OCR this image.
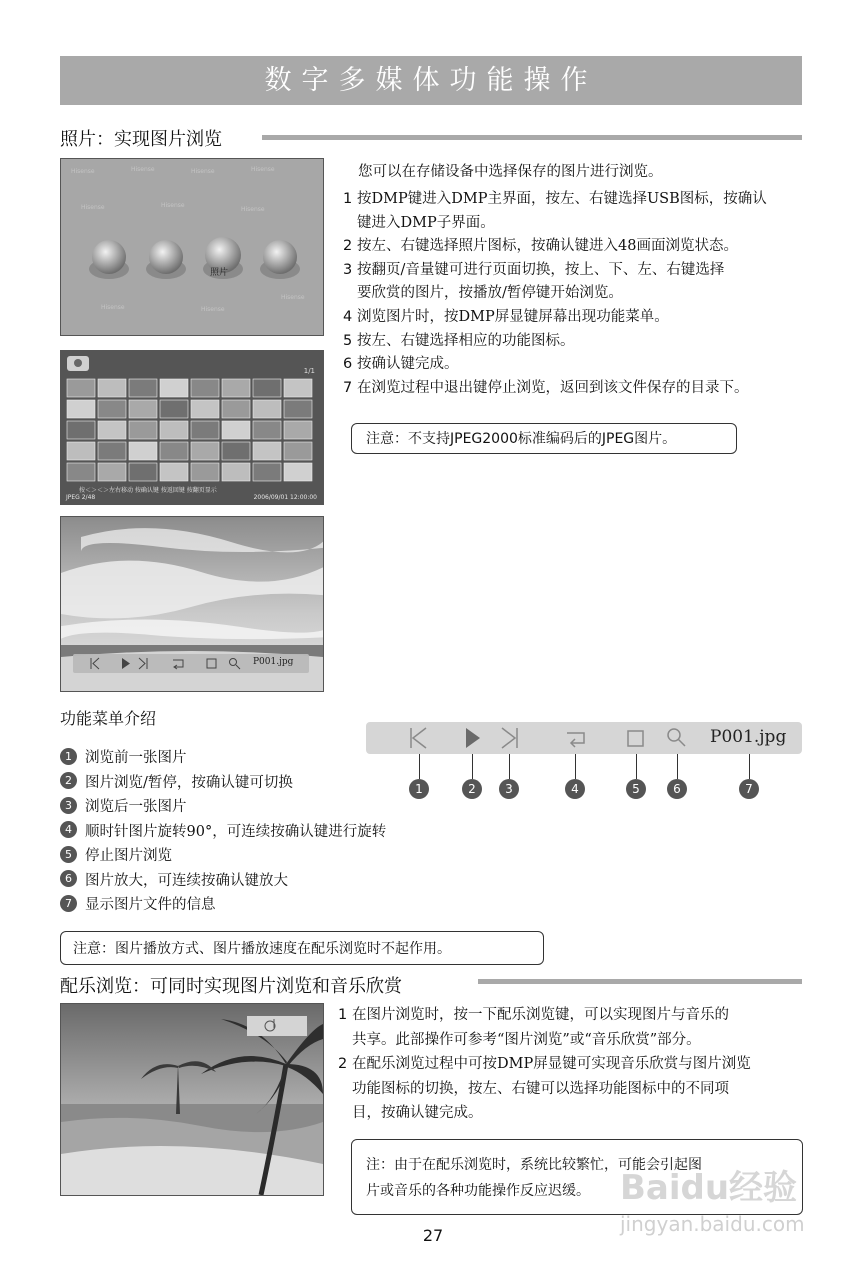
数字多媒体功能操作
照片：实现图片浏览
Hisense	Hisense	Hisense	Hisense
Hisense	Hisense
Hisense
Hisense	Hisense
Hisense
照片
1/1
按＜＞＜＞左右移动 按确认键 按返回键 按翻页显示
JPEG 2/48	2006/09/01 12:00:00
P001.jpg
您可以在存储设备中选择保存的图片进行浏览。
1 按DMP键进入DMP主界面，按左、右键选择USB图标，按确认
键进入DMP子界面。
2 按左、右键选择照片图标，按确认键进入48画面浏览状态。
3 按翻页/音量键可进行页面切换，按上、下、左、右键选择
要欣赏的图片，按播放/暂停键开始浏览。
4 浏览图片时，按DMP屏显键屏幕出现功能菜单。
5 按左、右键选择相应的功能图标。
6 按确认键完成。
7 在浏览过程中退出键停止浏览，返回到该文件保存的目录下。
注意：不支持JPEG2000标准编码后的JPEG图片。
功能菜单介绍
P001.jpg
1	2	3	4	5	6	7
1 浏览前一张图片
2 图片浏览/暂停，按确认键可切换
3 浏览后一张图片
4 顺时针图片旋转90°，可连续按确认键进行旋转
5 停止图片浏览
6 图片放大，可连续按确认键放大
7 显示图片文件的信息
注意：图片播放方式、图片播放速度在配乐浏览时不起作用。
配乐浏览：可同时实现图片浏览和音乐欣赏
1 在图片浏览时，按一下配乐浏览键，可以实现图片与音乐的
共享。此部操作可参考“图片浏览”或“音乐欣赏”部分。
2 在配乐浏览过程中可按DMP屏显键可实现音乐欣赏与图片浏览
功能图标的切换，按左、右键可以选择功能图标中的不同项
目，按确认键完成。
注：由于在配乐浏览时，系统比较繁忙，可能会引起图
片或音乐的各种功能操作反应迟缓。
27
Baidu经验
jingyan.baidu.com
